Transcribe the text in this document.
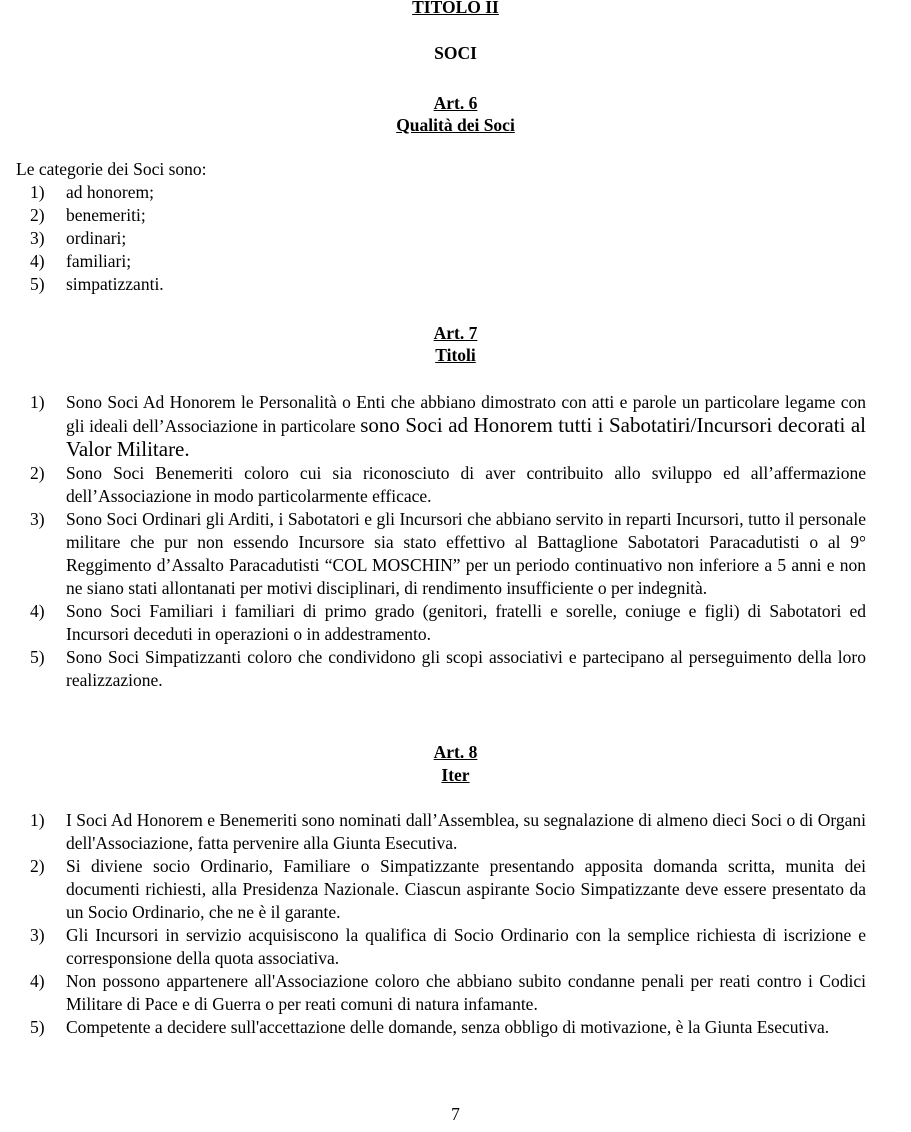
TITOLO II
SOCI
Art. 6
Qualità dei Soci
Le categorie dei Soci sono:
1)	ad honorem;
2)	benemeriti;
3)	ordinari;
4)	familiari;
5)	simpatizzanti.
Art. 7
Titoli
1)	Sono Soci Ad Honorem le Personalità o Enti che abbiano dimostrato con atti e parole un particolare legame con gli ideali dell’Associazione in particolare sono Soci ad Honorem tutti i Sabotatiri/Incursori decorati al Valor Militare.
2)	Sono Soci Benemeriti coloro cui sia riconosciuto di aver contribuito allo sviluppo ed all’affermazione dell’Associazione in modo particolarmente efficace.
3)	Sono Soci Ordinari gli Arditi, i Sabotatori e gli Incursori che abbiano servito in reparti Incursori, tutto il personale militare che pur non essendo Incursore sia stato effettivo al Battaglione Sabotatori Paracadutisti o al 9° Reggimento d’Assalto Paracadutisti “COL MOSCHIN” per un periodo continuativo non inferiore a 5 anni e non ne siano stati allontanati per motivi disciplinari, di rendimento insufficiente o per indegnità.
4)	Sono Soci Familiari i familiari di primo grado (genitori, fratelli e sorelle, coniuge e figli) di Sabotatori ed Incursori deceduti in operazioni o in addestramento.
5)	Sono Soci Simpatizzanti coloro che condividono gli scopi associativi e partecipano al perseguimento della loro realizzazione.
Art. 8
Iter
1)	I Soci Ad Honorem e Benemeriti sono nominati dall’Assemblea, su segnalazione di almeno dieci Soci o di Organi dell'Associazione, fatta pervenire alla Giunta Esecutiva.
2)	Si diviene socio Ordinario, Familiare o Simpatizzante presentando apposita domanda scritta, munita dei documenti richiesti, alla Presidenza Nazionale. Ciascun aspirante Socio Simpatizzante deve essere presentato da un Socio Ordinario, che ne è il garante.
3)	Gli Incursori in servizio acquisiscono la qualifica di Socio Ordinario con la semplice richiesta di iscrizione e corresponsione della quota associativa.
4)	Non possono appartenere all'Associazione coloro che abbiano subito condanne penali per reati contro i Codici Militare di Pace e di Guerra o per reati comuni di natura infamante.
5)	Competente a decidere sull'accettazione delle domande, senza obbligo di motivazione, è la Giunta Esecutiva.
7
